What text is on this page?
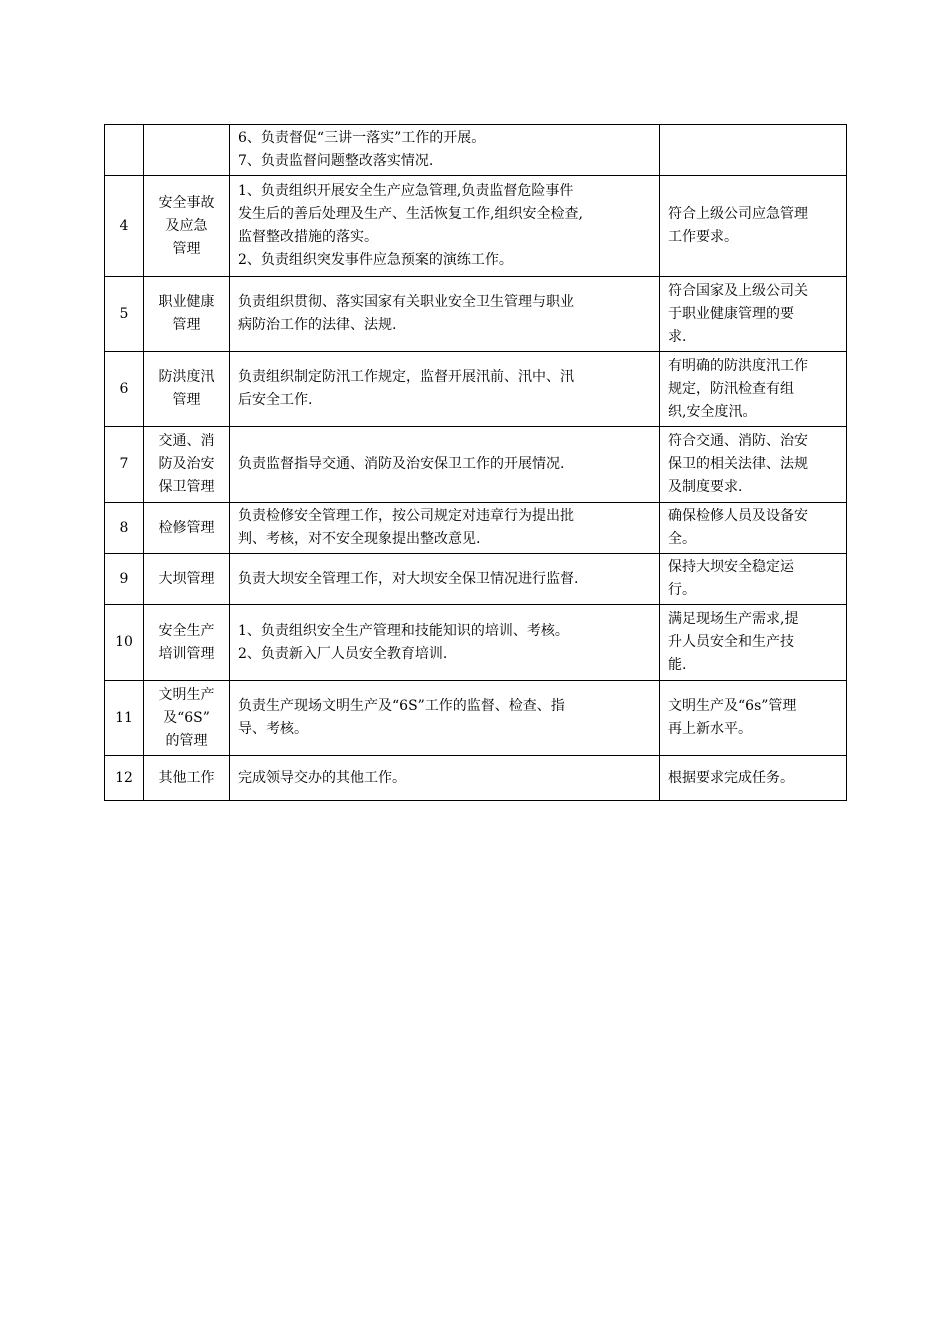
		6、负责督促“三讲一落实”工作的开展。
7、负责监督问题整改落实情况.	

4	安全事故
及应急
管理	1、负责组织开展安全生产应急管理,负责监督危险事件
发生后的善后处理及生产、生活恢复工作,组织安全检查,
监督整改措施的落实。
2、负责组织突发事件应急预案的演练工作。	符合上级公司应急管理
工作要求。

5	职业健康
管理	负责组织贯彻、落实国家有关职业安全卫生管理与职业
病防治工作的法律、法规.	符合国家及上级公司关
于职业健康管理的要
求.

6	防洪度汛
管理	负责组织制定防汛工作规定，监督开展汛前、汛中、汛
后安全工作.	有明确的防洪度汛工作
规定，防汛检查有组
织,安全度汛。

7	交通、消
防及治安
保卫管理	负责监督指导交通、消防及治安保卫工作的开展情况.	符合交通、消防、治安
保卫的相关法律、法规
及制度要求.

8	检修管理	负责检修安全管理工作，按公司规定对违章行为提出批
判、考核，对不安全现象提出整改意见.	确保检修人员及设备安
全。

9	大坝管理	负责大坝安全管理工作，对大坝安全保卫情况进行监督.	保持大坝安全稳定运
行。

10	安全生产
培训管理	1、负责组织安全生产管理和技能知识的培训、考核。
2、负责新入厂人员安全教育培训.	满足现场生产需求,提
升人员安全和生产技
能.

11	文明生产
及“6S”
的管理	负责生产现场文明生产及“6S”工作的监督、检查、指
导、考核。	文明生产及“6s”管理
再上新水平。

12	其他工作	完成领导交办的其他工作。	根据要求完成任务。
